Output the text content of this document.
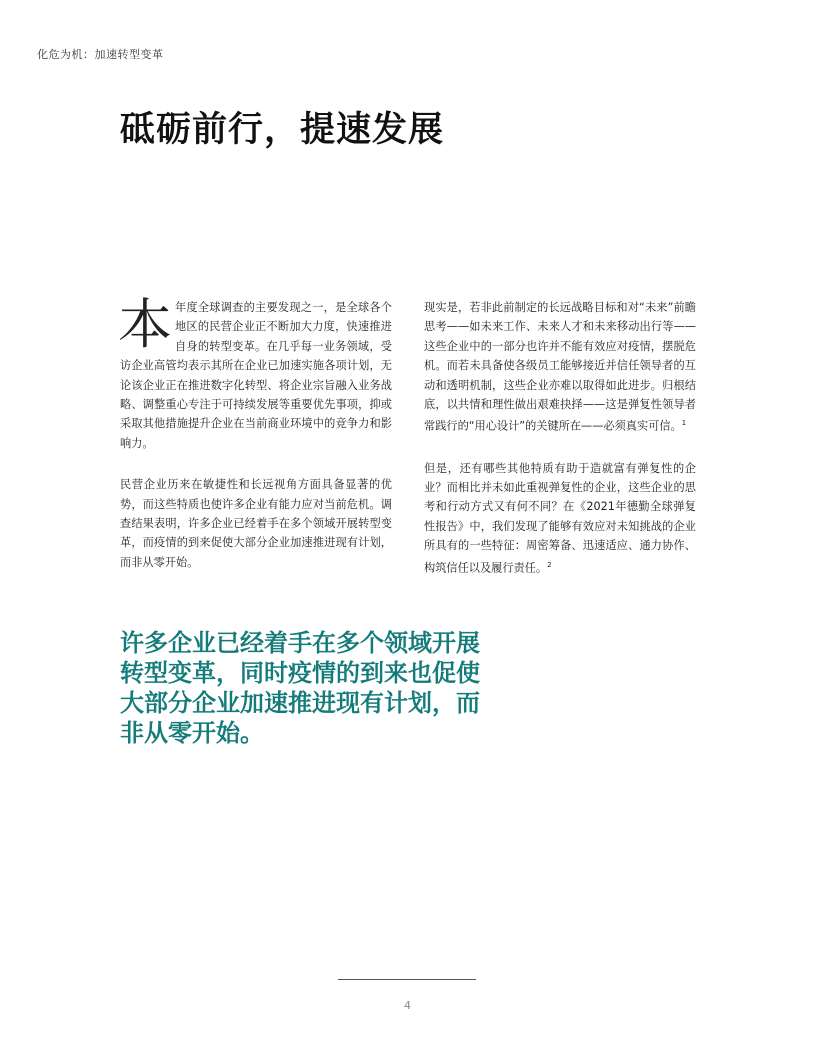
化危为机：加速转型变革
砥砺前行，提速发展

本 年度全球调查的主要发现之一，是全球各个地区的民营企业正不断加大力度，快速推进自身的转型变革。在几乎每一业务领域，受访企业高管均表示其所在企业已加速实施各项计划，无论该企业正在推进数字化转型、将企业宗旨融入业务战略、调整重心专注于可持续发展等重要优先事项，抑或采取其他措施提升企业在当前商业环境中的竞争力和影响力。

民营企业历来在敏捷性和长远视角方面具备显著的优势，而这些特质也使许多企业有能力应对当前危机。调查结果表明，许多企业已经着手在多个领域开展转型变革，而疫情的到来促使大部分企业加速推进现有计划，而非从零开始。

现实是，若非此前制定的长远战略目标和对“未来”前瞻思考——如未来工作、未来人才和未来移动出行等——这些企业中的一部分也许并不能有效应对疫情，摆脱危机。而若未具备使各级员工能够接近并信任领导者的互动和透明机制，这些企业亦难以取得如此进步。归根结底，以共情和理性做出艰难抉择——这是弹复性领导者常践行的“用心设计”的关键所在——必须真实可信。$^1$

但是，还有哪些其他特质有助于造就富有弹复性的企业？而相比并未如此重视弹复性的企业，这些企业的思考和行动方式又有何不同？在《2021年德勤全球弹复性报告》中，我们发现了能够有效应对未知挑战的企业所具有的一些特征：周密筹备、迅速适应、通力协作、构筑信任以及履行责任。$^2$

许多企业已经着手在多个领域开展转型变革，同时疫情的到来也促使大部分企业加速推进现有计划，而非从零开始。

4
